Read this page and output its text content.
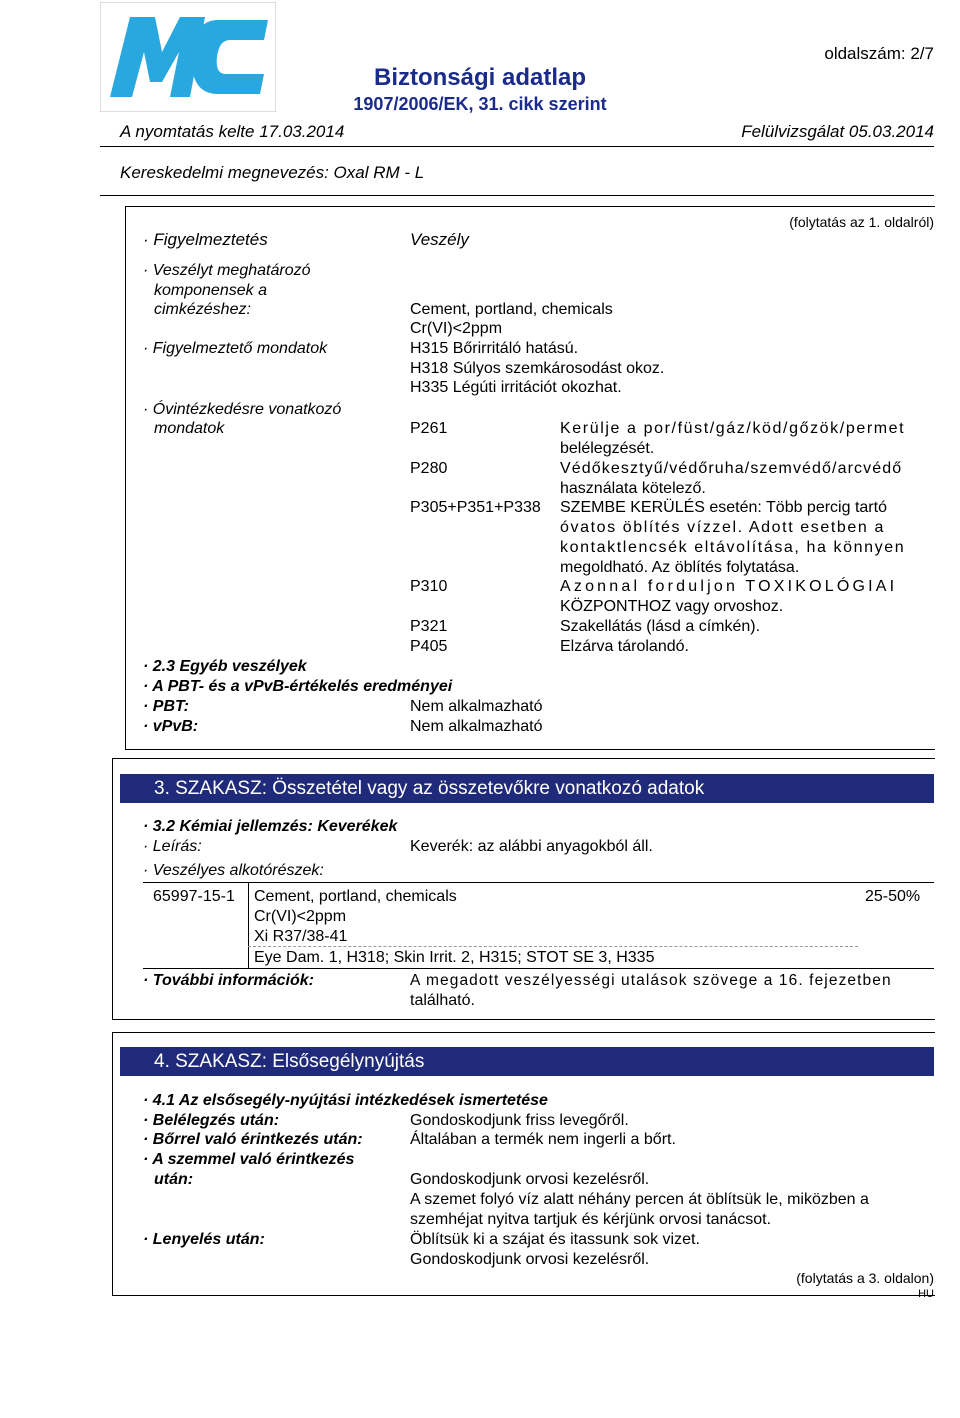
oldalszám: 2/7
Biztonsági adatlap
1907/2006/EK, 31. cikk szerint
A nyomtatás kelte 17.03.2014	Felülvizsgálat 05.03.2014
Kereskedelmi megnevezés: Oxal RM - L
(folytatás az 1. oldalról)
· Figyelmeztetés	Veszély
· Veszélyt meghatározó
komponensek a
cimkézéshez:	Cement, portland, chemicals
Cr(VI)<2ppm
· Figyelmeztető mondatok	H315 Bőrirritáló hatású.
H318 Súlyos szemkárosodást okoz.
H335 Légúti irritációt okozhat.
· Óvintézkedésre vonatkozó
mondatok	P261	Kerülje a por/füst/gáz/köd/gőzök/permet
belélegzését.
P280	Védőkesztyű/védőruha/szemvédő/arcvédő
használata kötelező.
P305+P351+P338 SZEMBE KERÜLÉS esetén: Több percig tartó
óvatos öblítés vízzel. Adott esetben a
kontaktlencsék eltávolítása, ha könnyen
megoldható. Az öblítés folytatása.
P310	Azonnal forduljon TOXIKOLÓGIAI
KÖZPONTHOZ vagy orvoshoz.
P321	Szakellátás (lásd a címkén).
P405	Elzárva tárolandó.
· 2.3 Egyéb veszélyek
· A PBT- és a vPvB-értékelés eredményei
· PBT:	Nem alkalmazható
· vPvB:	Nem alkalmazható
3. SZAKASZ: Összetétel vagy az összetevőkre vonatkozó adatok
· 3.2 Kémiai jellemzés: Keverékek
· Leírás:	Keverék: az alábbi anyagokból áll.
· Veszélyes alkotórészek:
65997-15-1 Cement, portland, chemicals
Cr(VI)<2ppm
Xi R37/38-41
Eye Dam. 1, H318; Skin Irrit. 2, H315; STOT SE 3, H335
25-50%
· További információk:	A megadott veszélyességi utalások szövege a 16. fejezetben
található.
4. SZAKASZ: Elsősegélynyújtás
· 4.1 Az elsősegély-nyújtási intézkedések ismertetése
· Belélegzés után:	Gondoskodjunk friss levegőről.
· Bőrrel való érintkezés után:	Általában a termék nem ingerli a bőrt.
· A szemmel való érintkezés
után:	Gondoskodjunk orvosi kezelésről.
A szemet folyó víz alatt néhány percen át öblítsük le, miközben a
szemhéjat nyitva tartjuk és kérjünk orvosi tanácsot.
· Lenyelés után:	Öblítsük ki a szájat és itassunk sok vizet.
Gondoskodjunk orvosi kezelésről.
(folytatás a 3. oldalon)
HU
